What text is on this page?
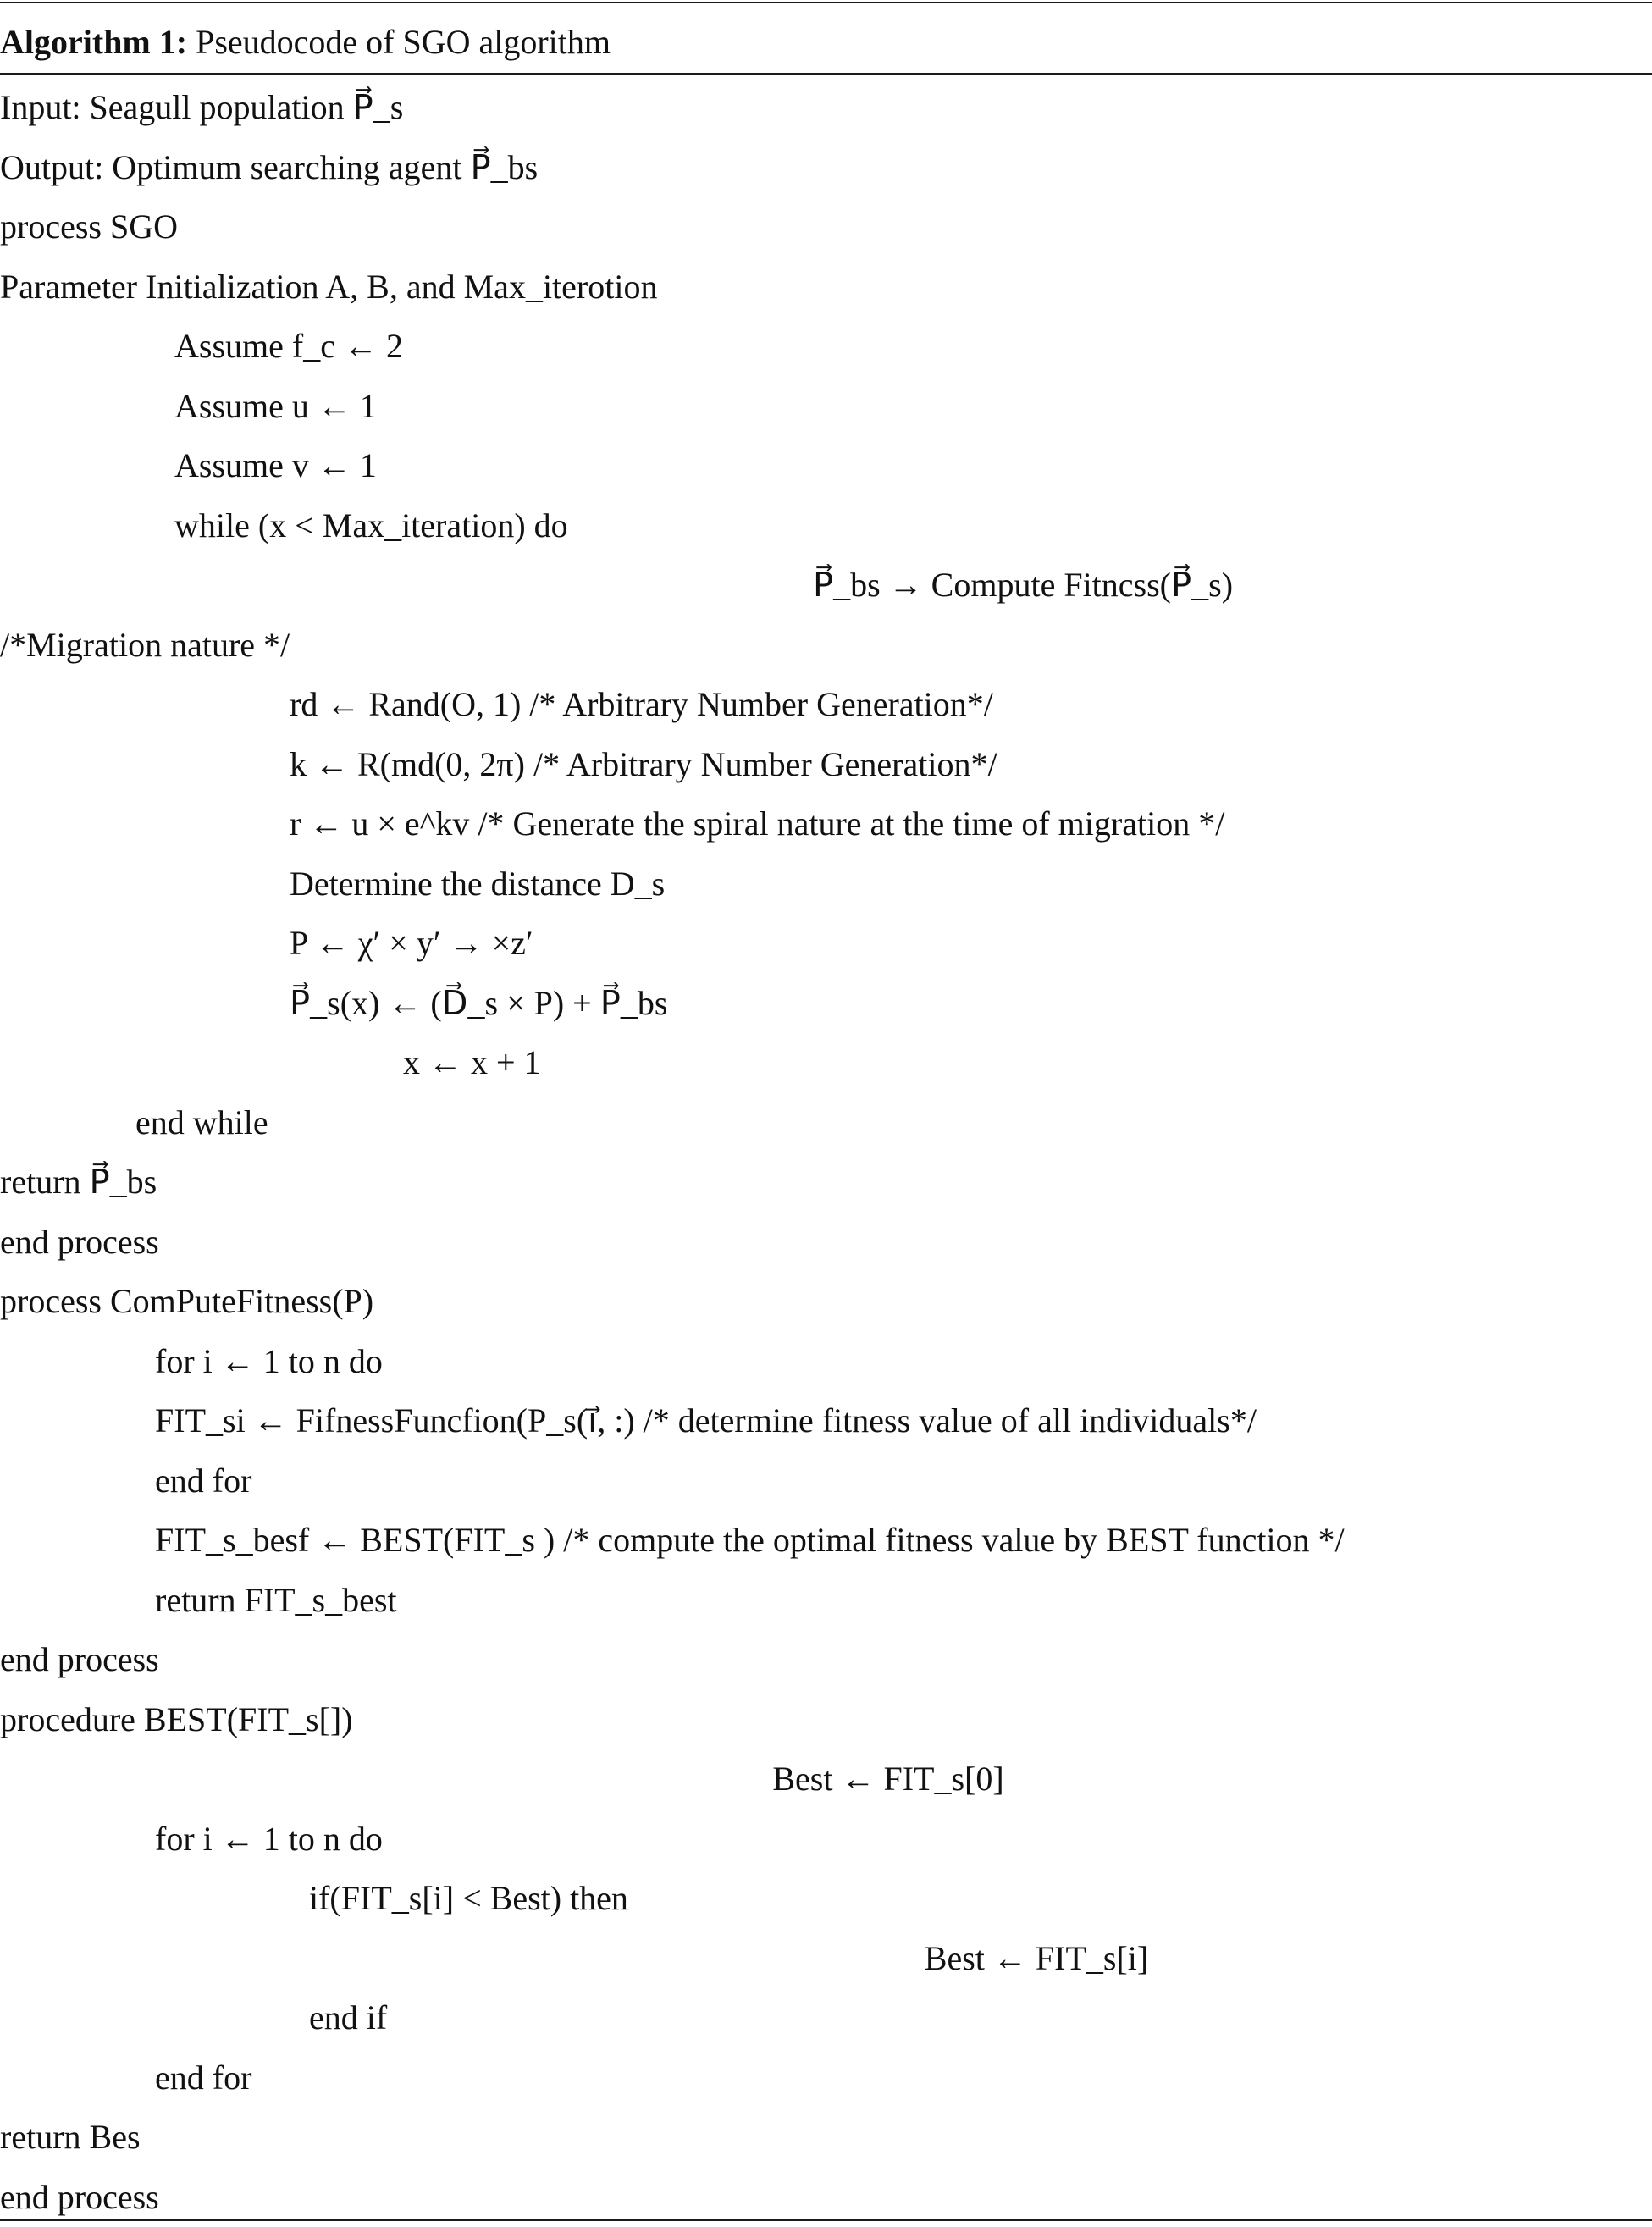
Algorithm 1: Pseudocode of SGO algorithm
Input: Seagull population P⃗_s
Output: Optimum searching agent P⃗_bs
process SGO
Parameter Initialization A, B, and Max_iterotion
Assume f_c ← 2
Assume u ← 1
Assume v ← 1
while (x < Max_iteration) do
P⃗_bs → Compute Fitncss(P⃗_s)
/*Migration nature */
rd ← Rand(O, 1) /* Arbitrary Number Generation*/
k ← R(md(0, 2π) /* Arbitrary Number Generation*/
r ← u × e^kv /* Generate the spiral nature at the time of migration */
Determine the distance D_s
P ← χ′ × y′ → ×z′
P⃗_s(x) ← (D⃗_s × P) + P⃗_bs
x ← x + 1
end while
return P⃗_bs
end process
process ComPuteFitness(P)
for i ← 1 to n do
FIT_si ← FifnessFuncfion(P_s(i⃗, :) /* determine fitness value of all individuals*/
end for
FIT_s_besf ← BEST(FIT_s ) /* compute the optimal fitness value by BEST function */
return FIT_s_best
end process
procedure BEST(FIT_s[])
Best ← FIT_s[0]
for i ← 1 to n do
if(FIT_s[i] < Best) then
Best ← FIT_s[i]
end if
end for
return Bes
end process
